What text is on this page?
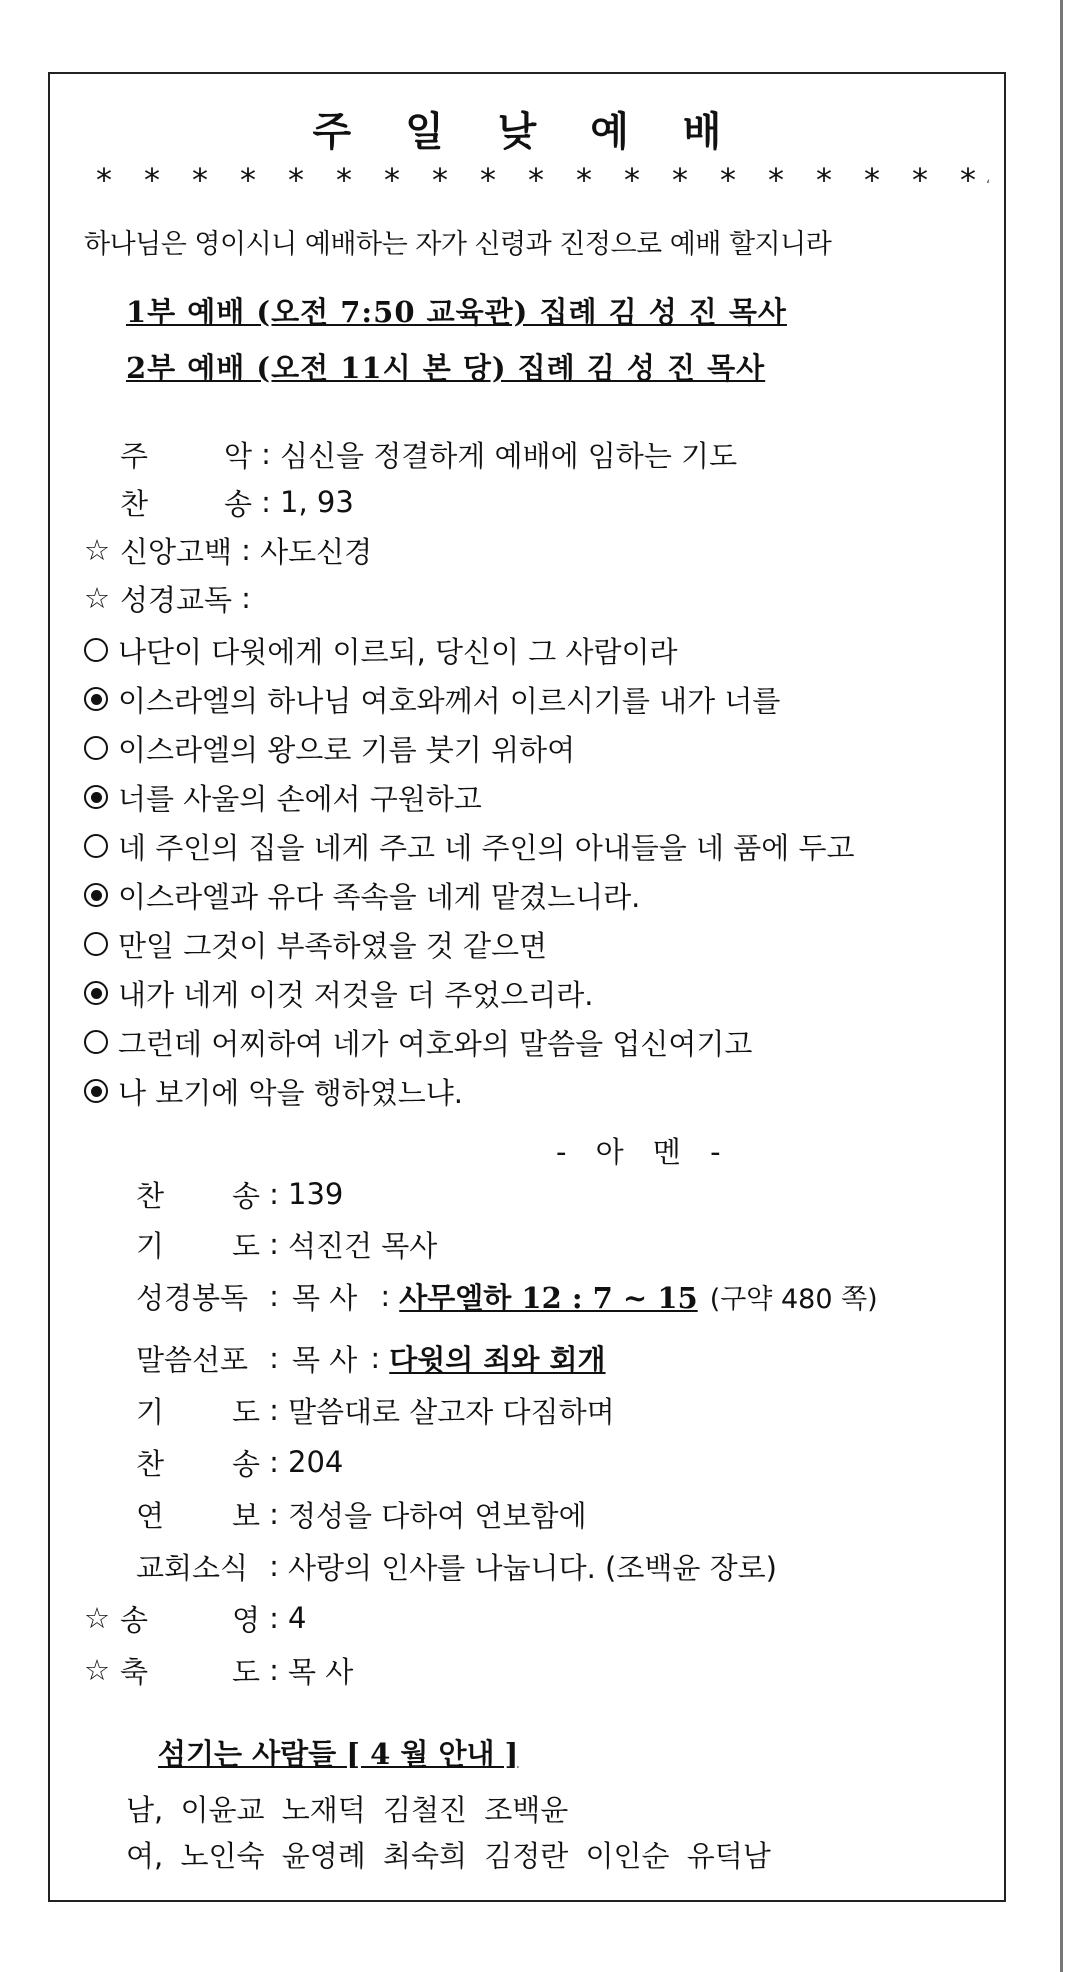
ʻ
주 일 낮 예 배
* * * * * * * * * * * * * * * * * * *
하나님은 영이시니 예배하는 자가 신령과 진정으로 예배 할지니라
1부 예배 (오전 7:50 교육관) 집례 김 성 진 목사
2부 예배 (오전 11시 본 당) 집례 김 성 진 목사
주	악 : 심신을 정결하게 예배에 임하는 기도
찬	송 : 1, 93
☆ 신앙고백 : 사도신경
☆ 성경교독 :
나단이 다윗에게 이르되, 당신이 그 사람이라
이스라엘의 하나님 여호와께서 이르시기를 내가 너를
이스라엘의 왕으로 기름 붓기 위하여
너를 사울의 손에서 구원하고
네 주인의 집을 네게 주고 네 주인의 아내들을 네 품에 두고
이스라엘과 유다 족속을 네게 맡겼느니라.
만일 그것이 부족하였을 것 같으면
내가 네게 이것 저것을 더 주었으리라.
그런데 어찌하여 네가 여호와의 말씀을 업신여기고
나 보기에 악을 행하였느냐.
- 아 멘 -
찬 송 : 139
기 도 : 석진건 목사
성경봉독 : 목 사 : 사무엘하 12 : 7 ~ 15 (구약 480 쪽)
말씀선포 : 목 사 : 다윗의 죄와 회개
기 도 : 말씀대로 살고자 다짐하며
찬 송 : 204
연 보 : 정성을 다하여 연보함에
교회소식 : 사랑의 인사를 나눕니다. (조백윤 장로)
☆ 송	영 : 4
☆ 축	도 : 목 사
섬기는 사람들 [ 4 월 안내 ]
남, 이윤교 노재덕 김철진 조백윤
여, 노인숙 윤영례 최숙희 김정란 이인순 유덕남
